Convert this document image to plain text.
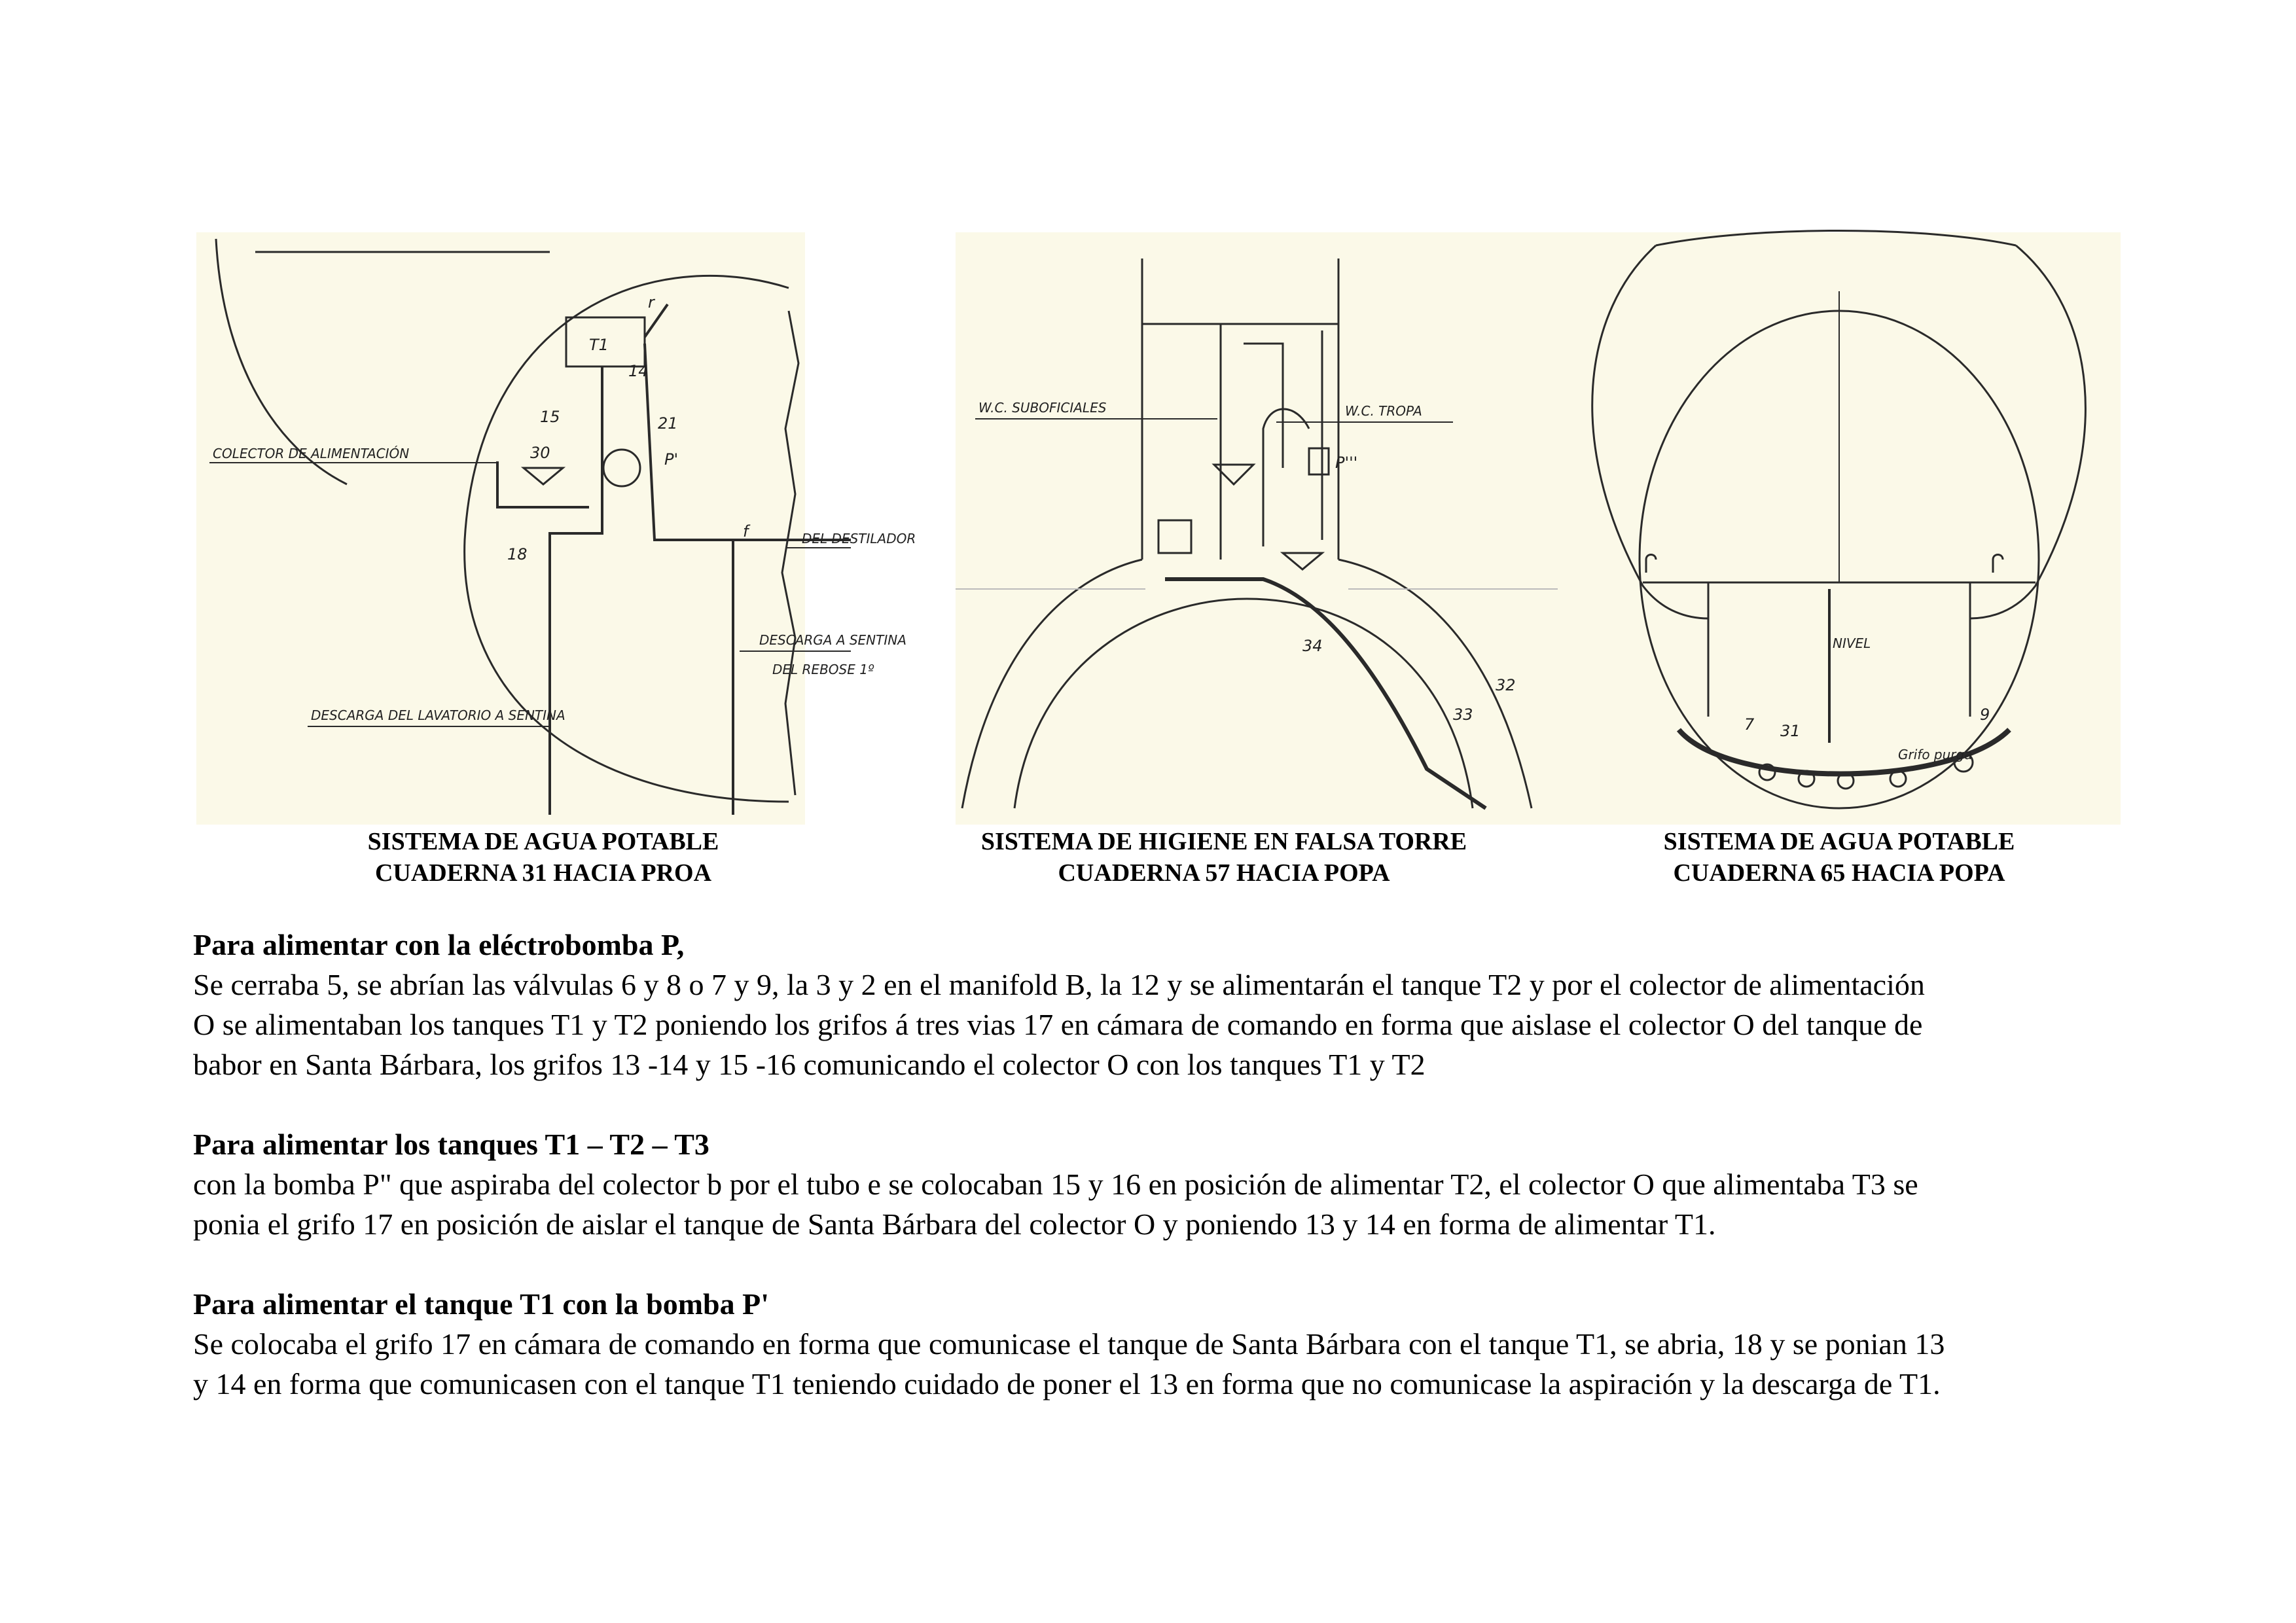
T1
P'
r
14
15	21
30
18
f
COLECTOR DE ALIMENTACIÓN
DEL DESTILADOR
DESCARGA A SENTINA
DEL REBOSE 1º
DESCARGA DEL LAVATORIO A SENTINA
SISTEMA DE AGUA POTABLE
CUADERNA 31 HACIA PROA
W.C. SUBOFICIALES	W.C. TROPA
P'''
34
32
33
SISTEMA DE HIGIENE EN FALSA TORRE
CUADERNA 57 HACIA POPA
NIVEL
Grifo purga
7 31
9
SISTEMA DE AGUA POTABLE
CUADERNA 65 HACIA POPA

Para alimentar con la eléctrobomba P,

Se cerraba 5, se abrían las válvulas 6 y 8 o 7 y 9, la 3 y 2 en el manifold B, la 12 y se alimentarán el tanque T2 y por el colector de alimentación

O se alimentaban los tanques T1 y T2 poniendo los grifos á tres vias 17 en cámara de comando en forma que aislase el colector O del tanque de

babor en Santa Bárbara, los grifos 13 -14 y 15 -16 comunicando el colector O con los tanques T1 y T2

Para alimentar los tanques T1 – T2 – T3

con la bomba P" que aspiraba del colector b por el tubo e se colocaban 15 y 16 en posición de alimentar T2, el colector O que alimentaba T3 se

ponia el grifo 17 en posición de aislar el tanque de Santa Bárbara del colector O y poniendo 13 y 14 en forma de alimentar T1.

Para alimentar el tanque T1 con la bomba P'

Se colocaba el grifo 17 en cámara de comando en forma que comunicase el tanque de Santa Bárbara con el tanque T1, se abria, 18 y se ponian 13

y 14 en forma que comunicasen con el tanque T1 teniendo cuidado de poner el 13 en forma que no comunicase la aspiración y la descarga de T1.
